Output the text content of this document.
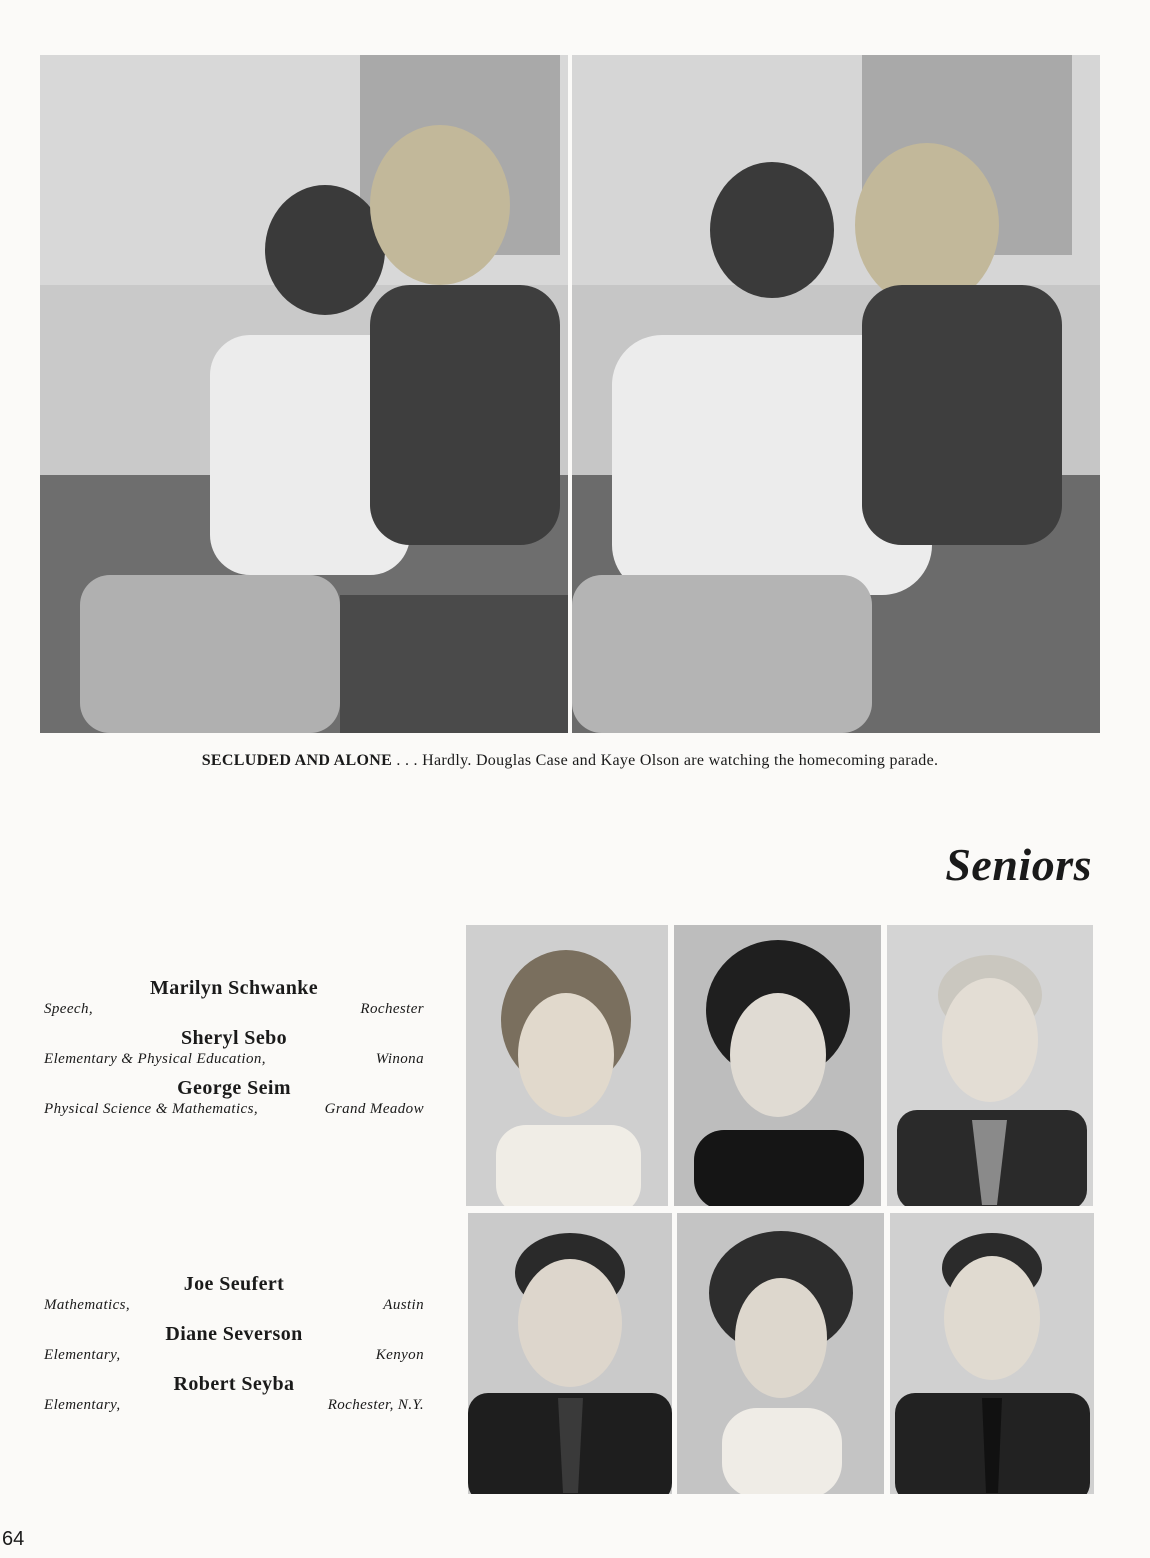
SECLUDED AND ALONE . . . Hardly. Douglas Case and Kaye Olson are watching the homecoming parade.
Seniors
Marilyn Schwanke
Speech,	Rochester
Sheryl Sebo
Elementary & Physical Education,	Winona
George Seim
Physical Science & Mathematics,	Grand Meadow
Joe Seufert
Mathematics,	Austin
Diane Severson
Elementary,	Kenyon
Robert Seyba
Elementary,	Rochester, N.Y.
64
